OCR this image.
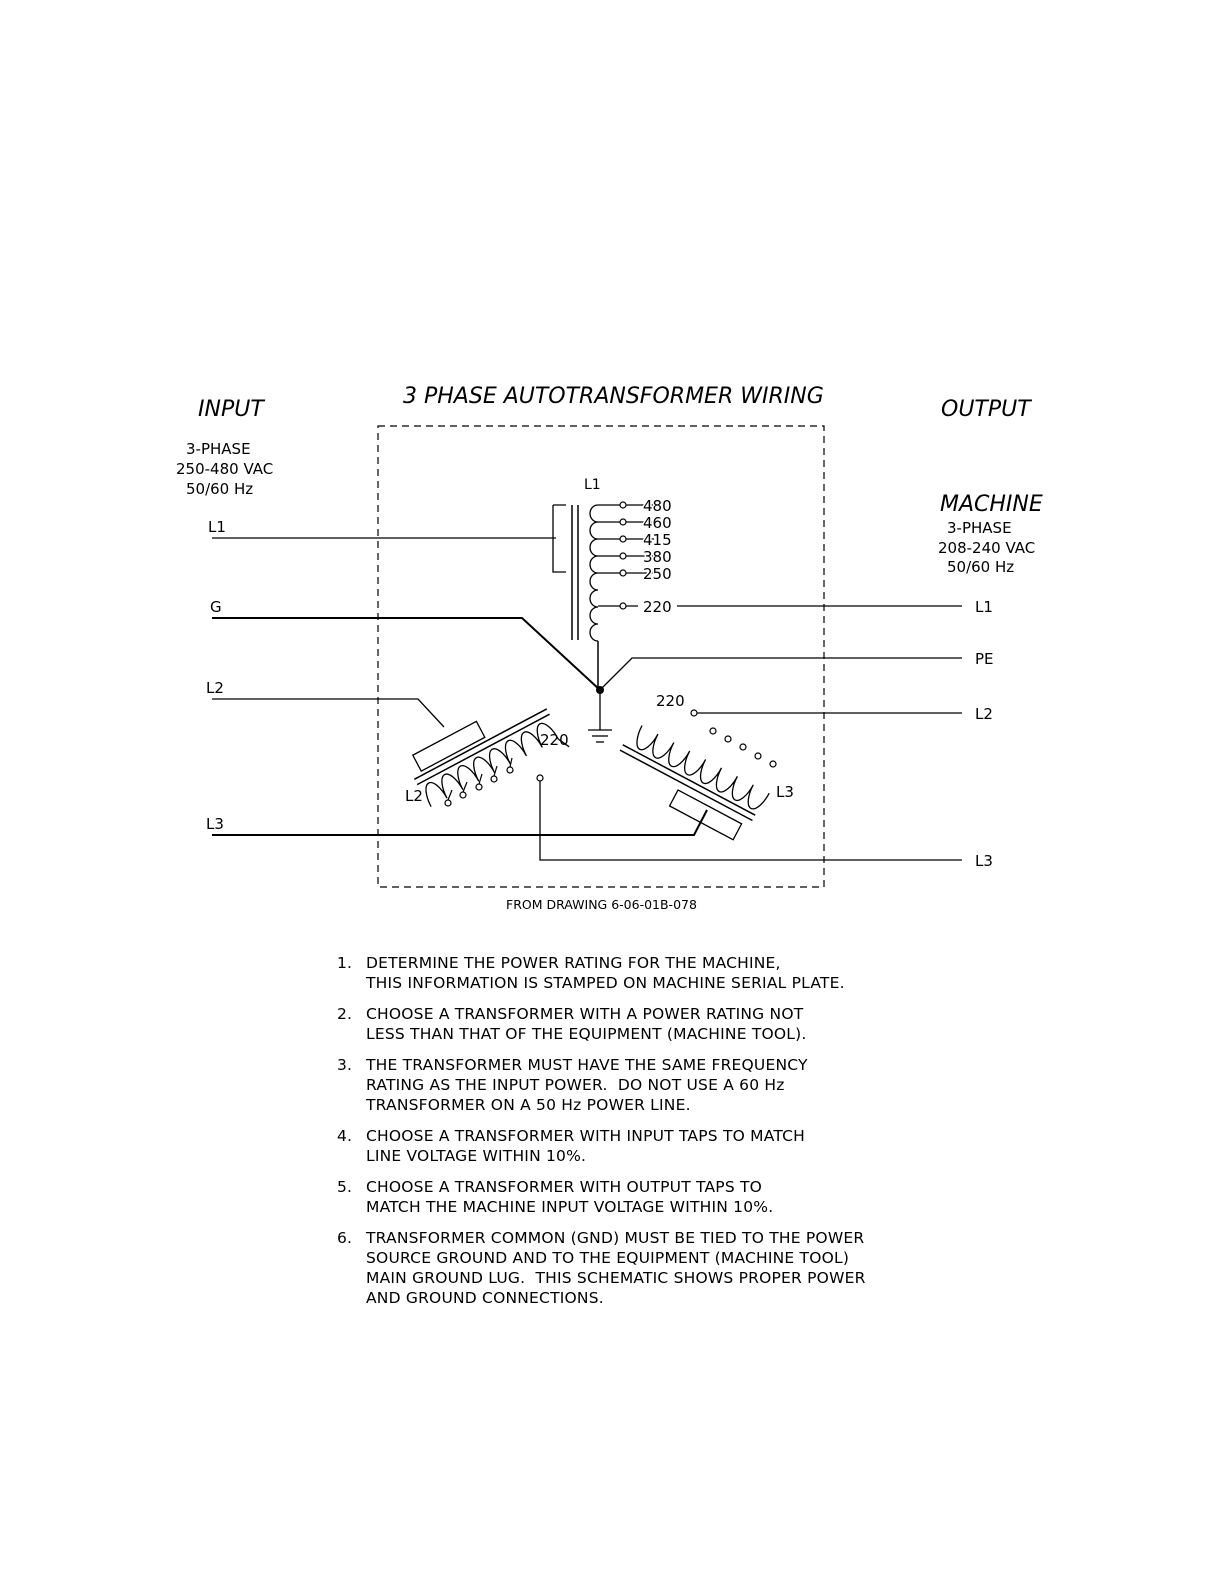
3 PHASE AUTOTRANSFORMER WIRING
INPUT	OUTPUT
3-PHASE
250-480 VAC
50/60 Hz
MACHINE
3-PHASE
208-240 VAC
50/60 Hz
L1
G
L2
L3
L1
480
460
415
380
250
220	L1
PE
L2
L3
220
L2
220
L3
FROM DRAWING 6-06-01B-078
1. DETERMINE THE POWER RATING FOR THE MACHINE,
THIS INFORMATION IS STAMPED ON MACHINE SERIAL PLATE.
2. CHOOSE A TRANSFORMER WITH A POWER RATING NOT
LESS THAN THAT OF THE EQUIPMENT (MACHINE TOOL).
3. THE TRANSFORMER MUST HAVE THE SAME FREQUENCY
RATING AS THE INPUT POWER.  DO NOT USE A 60 Hz
TRANSFORMER ON A 50 Hz POWER LINE.
4. CHOOSE A TRANSFORMER WITH INPUT TAPS TO MATCH
LINE VOLTAGE WITHIN 10%.
5. CHOOSE A TRANSFORMER WITH OUTPUT TAPS TO
MATCH THE MACHINE INPUT VOLTAGE WITHIN 10%.
6. TRANSFORMER COMMON (GND) MUST BE TIED TO THE POWER
SOURCE GROUND AND TO THE EQUIPMENT (MACHINE TOOL)
MAIN GROUND LUG.  THIS SCHEMATIC SHOWS PROPER POWER
AND GROUND CONNECTIONS.
